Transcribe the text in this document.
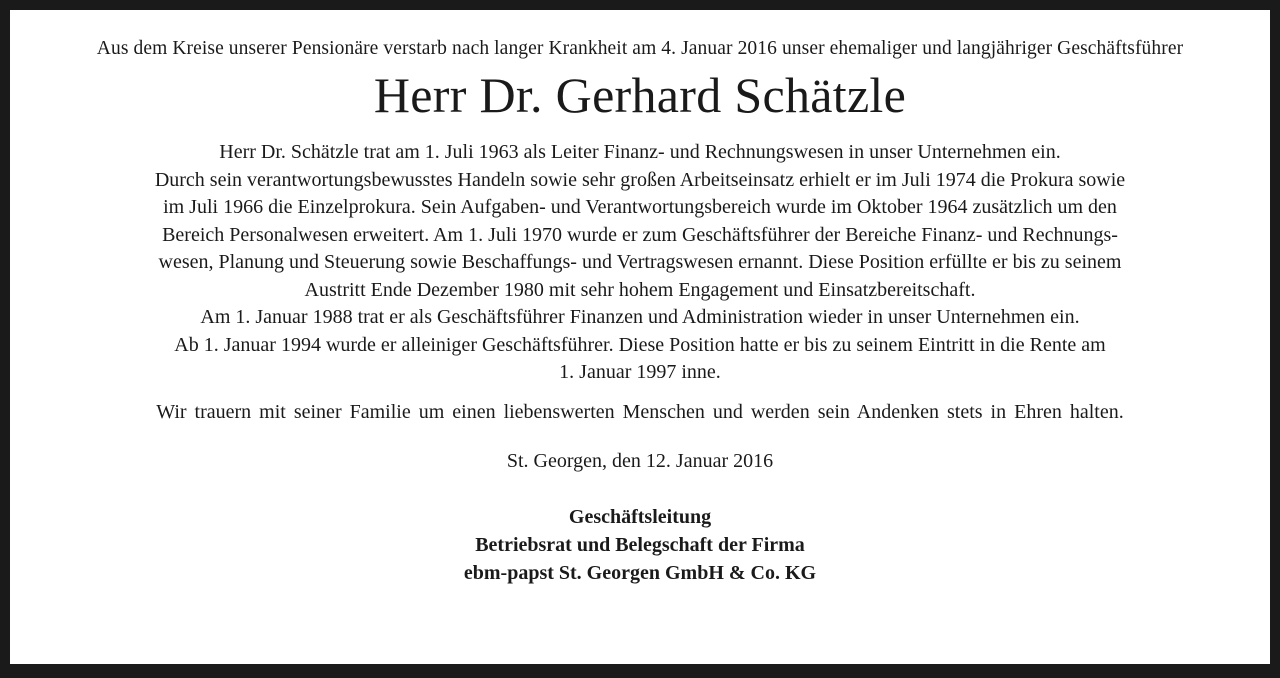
Aus dem Kreise unserer Pensionäre verstarb nach langer Krankheit am 4. Januar 2016 unser ehemaliger und langjähriger Geschäftsführer

Herr Dr. Gerhard Schätzle

Herr Dr. Schätzle trat am 1. Juli 1963 als Leiter Finanz- und Rechnungswesen in unser Unternehmen ein.
Durch sein verantwortungsbewusstes Handeln sowie sehr großen Arbeitseinsatz erhielt er im Juli 1974 die Prokura sowie
im Juli 1966 die Einzelprokura. Sein Aufgaben- und Verantwortungsbereich wurde im Oktober 1964 zusätzlich um den
Bereich Personalwesen erweitert. Am 1. Juli 1970 wurde er zum Geschäftsführer der Bereiche Finanz- und Rechnungs-
wesen, Planung und Steuerung sowie Beschaffungs- und Vertragswesen ernannt. Diese Position erfüllte er bis zu seinem
Austritt Ende Dezember 1980 mit sehr hohem Engagement und Einsatzbereitschaft.
Am 1. Januar 1988 trat er als Geschäftsführer Finanzen und Administration wieder in unser Unternehmen ein.
Ab 1. Januar 1994 wurde er alleiniger Geschäftsführer. Diese Position hatte er bis zu seinem Eintritt in die Rente am
1. Januar 1997 inne.

Wir trauern mit seiner Familie um einen liebenswerten Menschen und werden sein Andenken stets in Ehren halten.

St. Georgen, den 12. Januar 2016

Geschäftsleitung
Betriebsrat und Belegschaft der Firma
ebm-papst St. Georgen GmbH & Co. KG
